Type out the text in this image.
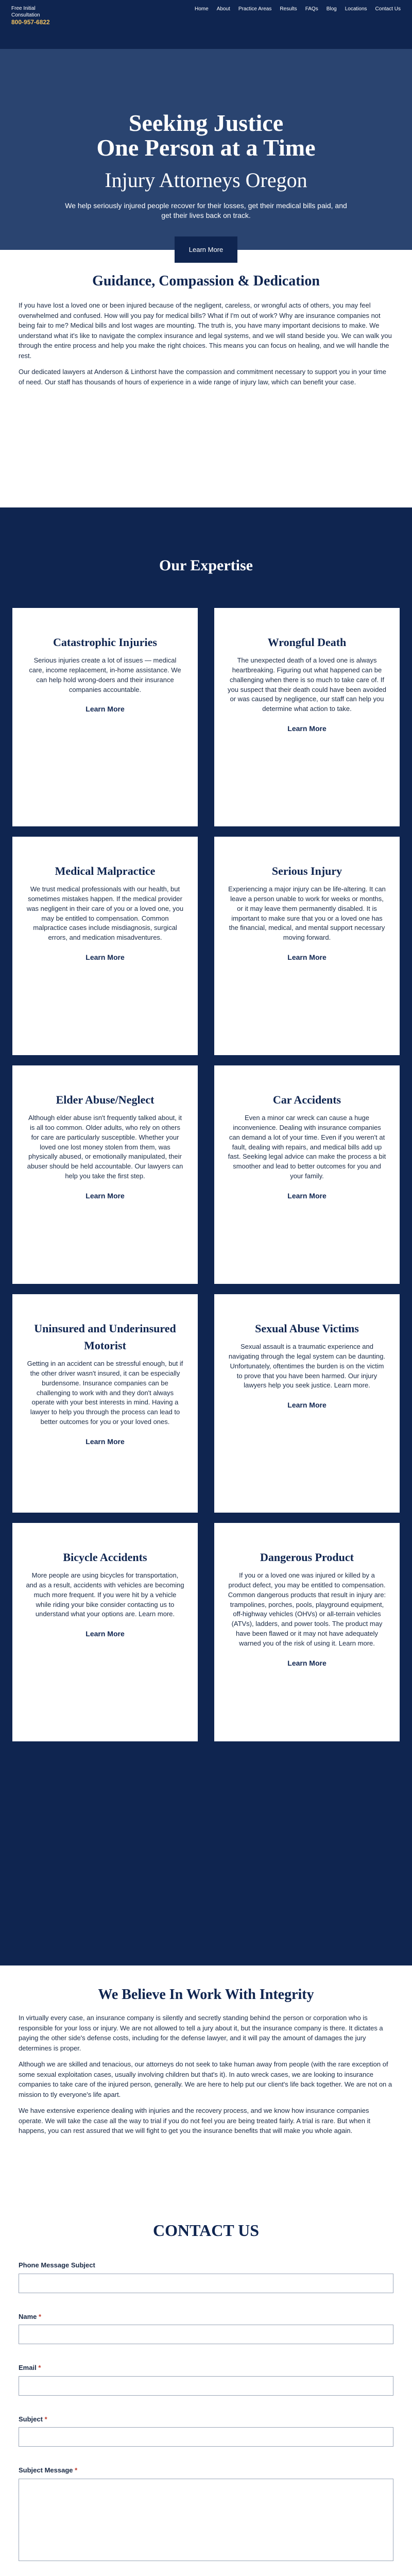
Free Initial
Consultation
800-957-6822
Home About Practice Areas Results FAQs Blog Locations Contact Us
Seeking Justice
One Person at a Time
Injury Attorneys Oregon

We help seriously injured people recover for their losses, get their medical bills paid, and get their lives back on track.

Learn More
Guidance, Compassion & Dedication

If you have lost a loved one or been injured because of the negligent, careless, or wrongful acts of others, you may feel overwhelmed and confused. How will you pay for medical bills? What if I'm out of work? Why are insurance companies not being fair to me? Medical bills and lost wages are mounting. The truth is, you have many important decisions to make. We understand what it's like to navigate the complex insurance and legal systems, and we will stand beside you. We can walk you through the entire process and help you make the right choices. This means you can focus on healing, and we will handle the rest.

Our dedicated lawyers at Anderson & Linthorst have the compassion and commitment necessary to support you in your time of need. Our staff has thousands of hours of experience in a wide range of injury law, which can benefit your case.

Our Expertise
Catastrophic Injuries

Serious injuries create a lot of issues — medical care, income replacement, in-home assistance. We can help hold wrong-doers and their insurance companies accountable.

Learn More
Wrongful Death

The unexpected death of a loved one is always heartbreaking. Figuring out what happened can be challenging when there is so much to take care of. If you suspect that their death could have been avoided or was caused by negligence, our staff can help you determine what action to take.

Learn More
Medical Malpractice

We trust medical professionals with our health, but sometimes mistakes happen. If the medical provider was negligent in their care of you or a loved one, you may be entitled to compensation. Common malpractice cases include misdiagnosis, surgical errors, and medication misadventures.

Learn More
Serious Injury

Experiencing a major injury can be life-altering. It can leave a person unable to work for weeks or months, or it may leave them permanently disabled. It is important to make sure that you or a loved one has the financial, medical, and mental support necessary moving forward.

Learn More
Elder Abuse/Neglect

Although elder abuse isn't frequently talked about, it is all too common. Older adults, who rely on others for care are particularly susceptible. Whether your loved one lost money stolen from them, was physically abused, or emotionally manipulated, their abuser should be held accountable. Our lawyers can help you take the first step.

Learn More
Car Accidents

Even a minor car wreck can cause a huge inconvenience. Dealing with insurance companies can demand a lot of your time. Even if you weren't at fault, dealing with repairs, and medical bills add up fast. Seeking legal advice can make the process a bit smoother and lead to better outcomes for you and your family.

Learn More
Uninsured and Underinsured Motorist

Getting in an accident can be stressful enough, but if the other driver wasn't insured, it can be especially burdensome. Insurance companies can be challenging to work with and they don't always operate with your best interests in mind. Having a lawyer to help you through the process can lead to better outcomes for you or your loved ones.

Learn More
Sexual Abuse Victims

Sexual assault is a traumatic experience and navigating through the legal system can be daunting. Unfortunately, oftentimes the burden is on the victim to prove that you have been harmed. Our injury lawyers help you seek justice. Learn more.

Learn More
Bicycle Accidents

More people are using bicycles for transportation, and as a result, accidents with vehicles are becoming much more frequent. If you were hit by a vehicle while riding your bike consider contacting us to understand what your options are. Learn more.

Learn More
Dangerous Product

If you or a loved one was injured or killed by a product defect, you may be entitled to compensation. Common dangerous products that result in injury are: trampolines, porches, pools, playground equipment, off-highway vehicles (OHVs) or all-terrain vehicles (ATVs), ladders, and power tools. The product may have been flawed or it may not have adequately warned you of the risk of using it. Learn more.

Learn More
We Believe In Work With Integrity

In virtually every case, an insurance company is silently and secretly standing behind the person or corporation who is responsible for your loss or injury. We are not allowed to tell a jury about it, but the insurance company is there. It dictates a paying the other side's defense costs, including for the defense lawyer, and it will pay the amount of damages the jury determines is proper.

Although we are skilled and tenacious, our attorneys do not seek to take human away from people (with the rare exception of some sexual exploitation cases, usually involving children but that's it). In auto wreck cases, we are looking to insurance companies to take care of the injured person, generally. We are here to help put our client's life back together. We are not on a mission to tly everyone's life apart.

We have extensive experience dealing with injuries and the recovery process, and we know how insurance companies operate. We will take the case all the way to trial if you do not feel you are being treated fairly. A trial is rare. But when it happens, you can rest assured that we will fight to get you the insurance benefits that will make you whole again.

CONTACT US
Phone Message Subject
Name *
Email *
Subject *
Subject Message *
